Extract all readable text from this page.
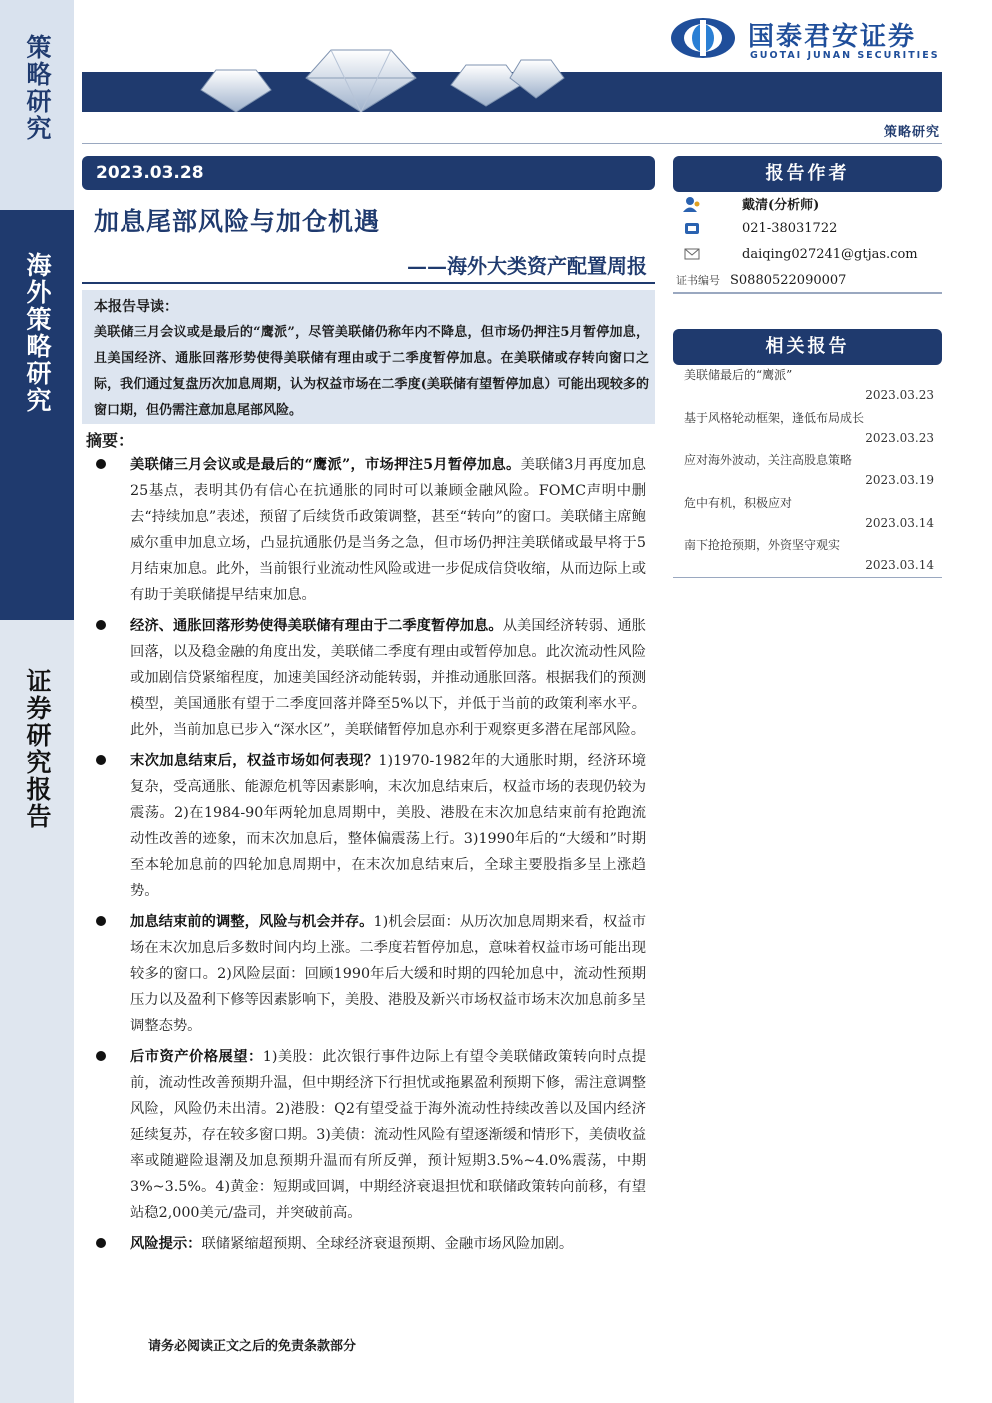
策略研究
海外策略研究
证券研究报告
国泰君安证券
GUOTAI JUNAN SECURITIES
策略研究
2023.03.28
加息尾部风险与加仓机遇
——海外大类资产配置周报
本报告导读：
美联储三月会议或是最后的“鹰派”，尽管美联储仍称年内不降息，但市场仍押注5月暂停加息，且美国经济、通胀回落形势使得美联储有理由或于二季度暂停加息。在美联储或存转向窗口之际，我们通过复盘历次加息周期，认为权益市场在二季度(美联储有望暂停加息）可能出现较多的窗口期，但仍需注意加息尾部风险。
摘要：
美联储三月会议或是最后的“鹰派”，市场押注5月暂停加息。美联储3月再度加息25基点，表明其仍有信心在抗通胀的同时可以兼顾金融风险。FOMC声明中删去“持续加息”表述，预留了后续货币政策调整，甚至“转向”的窗口。美联储主席鲍威尔重申加息立场，凸显抗通胀仍是当务之急，但市场仍押注美联储或最早将于5月结束加息。此外，当前银行业流动性风险或进一步促成信贷收缩，从而边际上或有助于美联储提早结束加息。
经济、通胀回落形势使得美联储有理由于二季度暂停加息。从美国经济转弱、通胀回落，以及稳金融的角度出发，美联储二季度有理由或暂停加息。此次流动性风险或加剧信贷紧缩程度，加速美国经济动能转弱，并推动通胀回落。根据我们的预测模型，美国通胀有望于二季度回落并降至5%以下，并低于当前的政策利率水平。此外，当前加息已步入“深水区”，美联储暂停加息亦利于观察更多潜在尾部风险。
末次加息结束后，权益市场如何表现？1)1970-1982年的大通胀时期，经济环境复杂，受高通胀、能源危机等因素影响，末次加息结束后，权益市场的表现仍较为震荡。2)在1984-90年两轮加息周期中，美股、港股在末次加息结束前有抢跑流动性改善的迹象，而末次加息后，整体偏震荡上行。3)1990年后的“大缓和”时期至本轮加息前的四轮加息周期中，在末次加息结束后，全球主要股指多呈上涨趋势。
加息结束前的调整，风险与机会并存。1)机会层面：从历次加息周期来看，权益市场在末次加息后多数时间内均上涨。二季度若暂停加息，意味着权益市场可能出现较多的窗口。2)风险层面：回顾1990年后大缓和时期的四轮加息中，流动性预期压力以及盈利下修等因素影响下，美股、港股及新兴市场权益市场末次加息前多呈调整态势。
后市资产价格展望：1)美股：此次银行事件边际上有望令美联储政策转向时点提前，流动性改善预期升温，但中期经济下行担忧或拖累盈利预期下修，需注意调整风险，风险仍未出清。2)港股：Q2有望受益于海外流动性持续改善以及国内经济延续复苏，存在较多窗口期。3)美债：流动性风险有望逐渐缓和情形下，美债收益率或随避险退潮及加息预期升温而有所反弹，预计短期3.5%~4.0%震荡，中期3%~3.5%。4)黄金：短期或回调，中期经济衰退担忧和联储政策转向前移，有望站稳2,000美元/盎司，并突破前高。
风险提示：联储紧缩超预期、全球经济衰退预期、金融市场风险加剧。
请务必阅读正文之后的免责条款部分
报告作者
戴清(分析师)
021-38031722
daiqing027241@gtjas.com
证书编号 S0880522090007
相关报告
美联储最后的“鹰派”
2023.03.23
基于风格轮动框架，逢低布局成长
2023.03.23
应对海外波动，关注高股息策略
2023.03.19
危中有机，积极应对
2023.03.14
南下抢抢预期，外资坚守观实
2023.03.14
